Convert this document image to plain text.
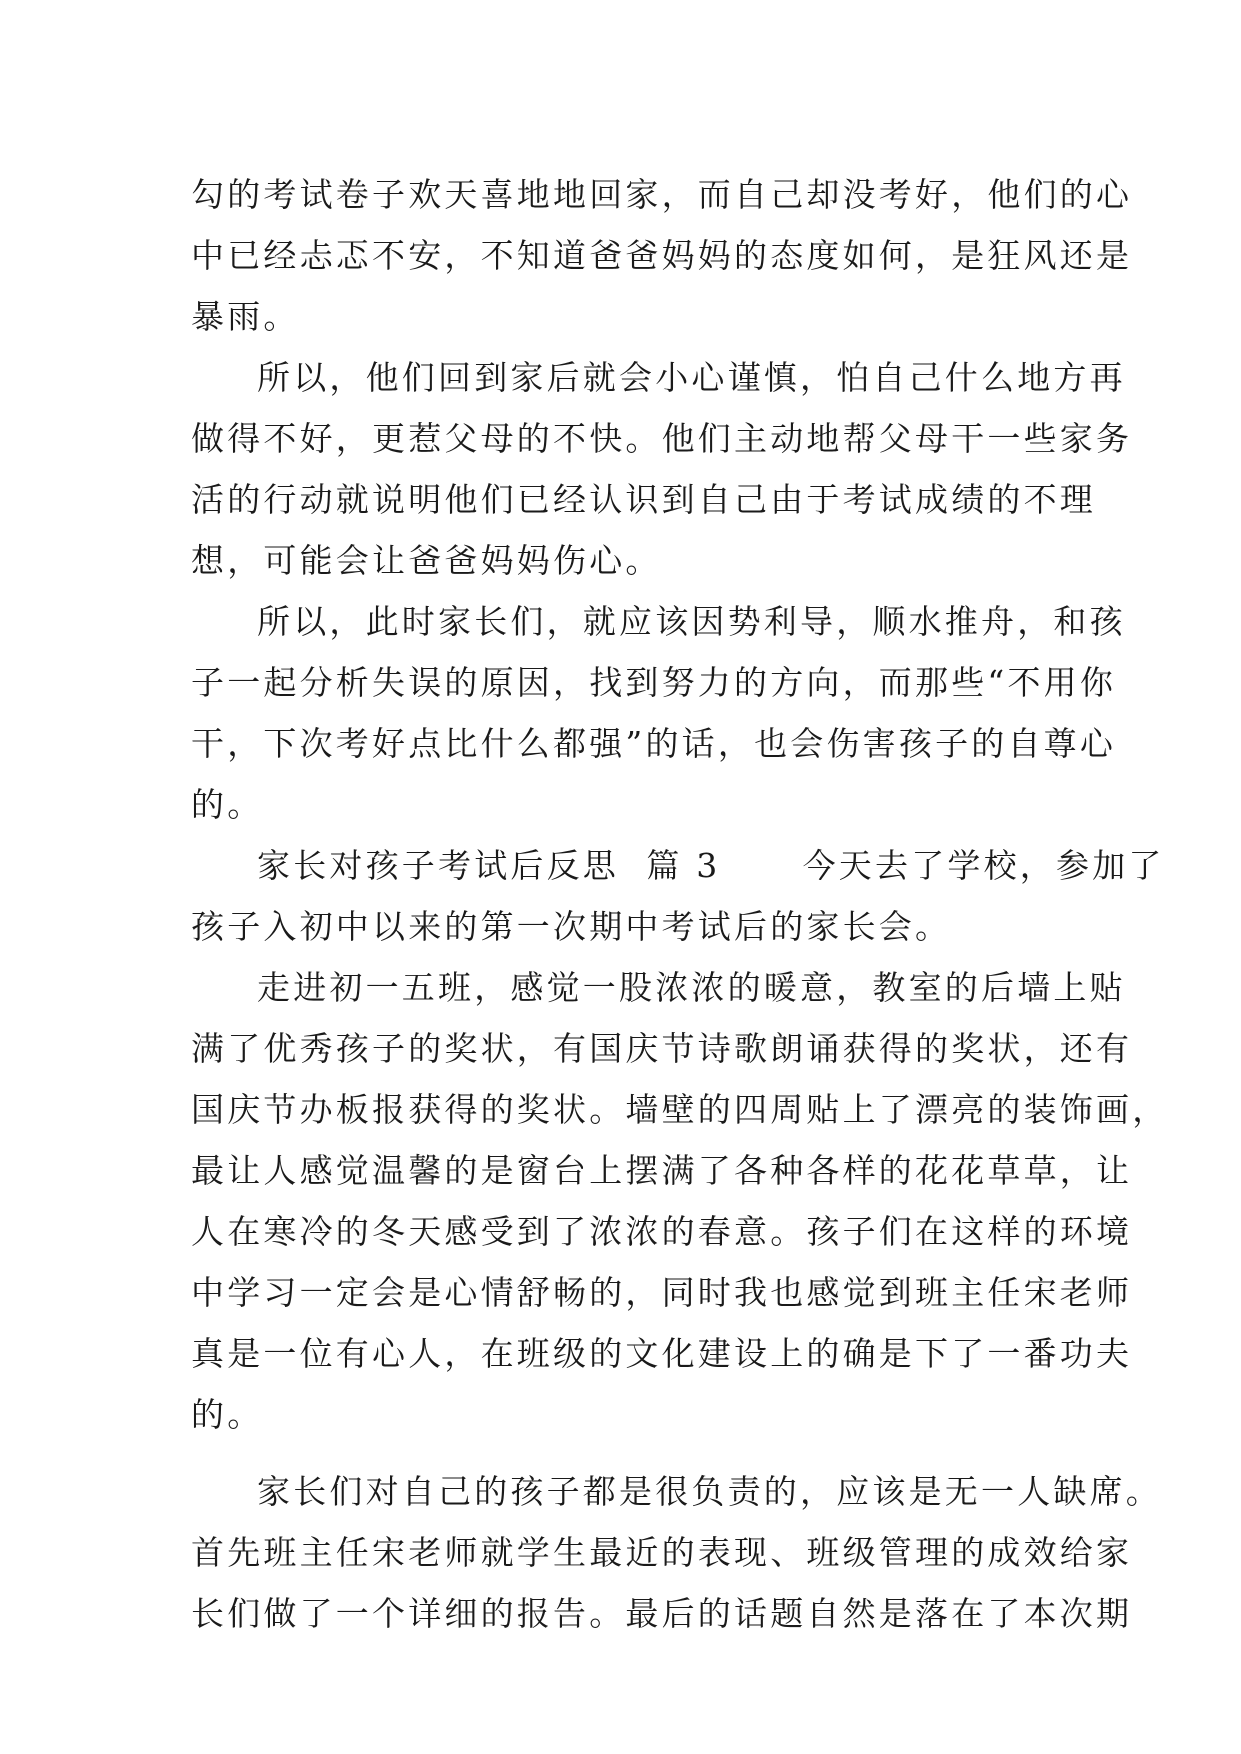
勾的考试卷子欢天喜地地回家，而自己却没考好，他们的心
中已经忐忑不安，不知道爸爸妈妈的态度如何，是狂风还是
暴雨。
所以，他们回到家后就会小心谨慎，怕自己什么地方再
做得不好，更惹父母的不快。他们主动地帮父母干一些家务
活的行动就说明他们已经认识到自己由于考试成绩的不理
想，可能会让爸爸妈妈伤心。
所以，此时家长们，就应该因势利导，顺水推舟，和孩
子一起分析失误的原因，找到努力的方向，而那些“不用你
干，下次考好点比什么都强”的话，也会伤害孩子的自尊心
的。
家长对孩子考试后反思  篇 3      今天去了学校，参加了
孩子入初中以来的第一次期中考试后的家长会。
走进初一五班，感觉一股浓浓的暖意，教室的后墙上贴
满了优秀孩子的奖状，有国庆节诗歌朗诵获得的奖状，还有
国庆节办板报获得的奖状。墙壁的四周贴上了漂亮的装饰画，
最让人感觉温馨的是窗台上摆满了各种各样的花花草草，让
人在寒冷的冬天感受到了浓浓的春意。孩子们在这样的环境
中学习一定会是心情舒畅的，同时我也感觉到班主任宋老师
真是一位有心人，在班级的文化建设上的确是下了一番功夫
的。
家长们对自己的孩子都是很负责的，应该是无一人缺席。
首先班主任宋老师就学生最近的表现、班级管理的成效给家
长们做了一个详细的报告。最后的话题自然是落在了本次期
